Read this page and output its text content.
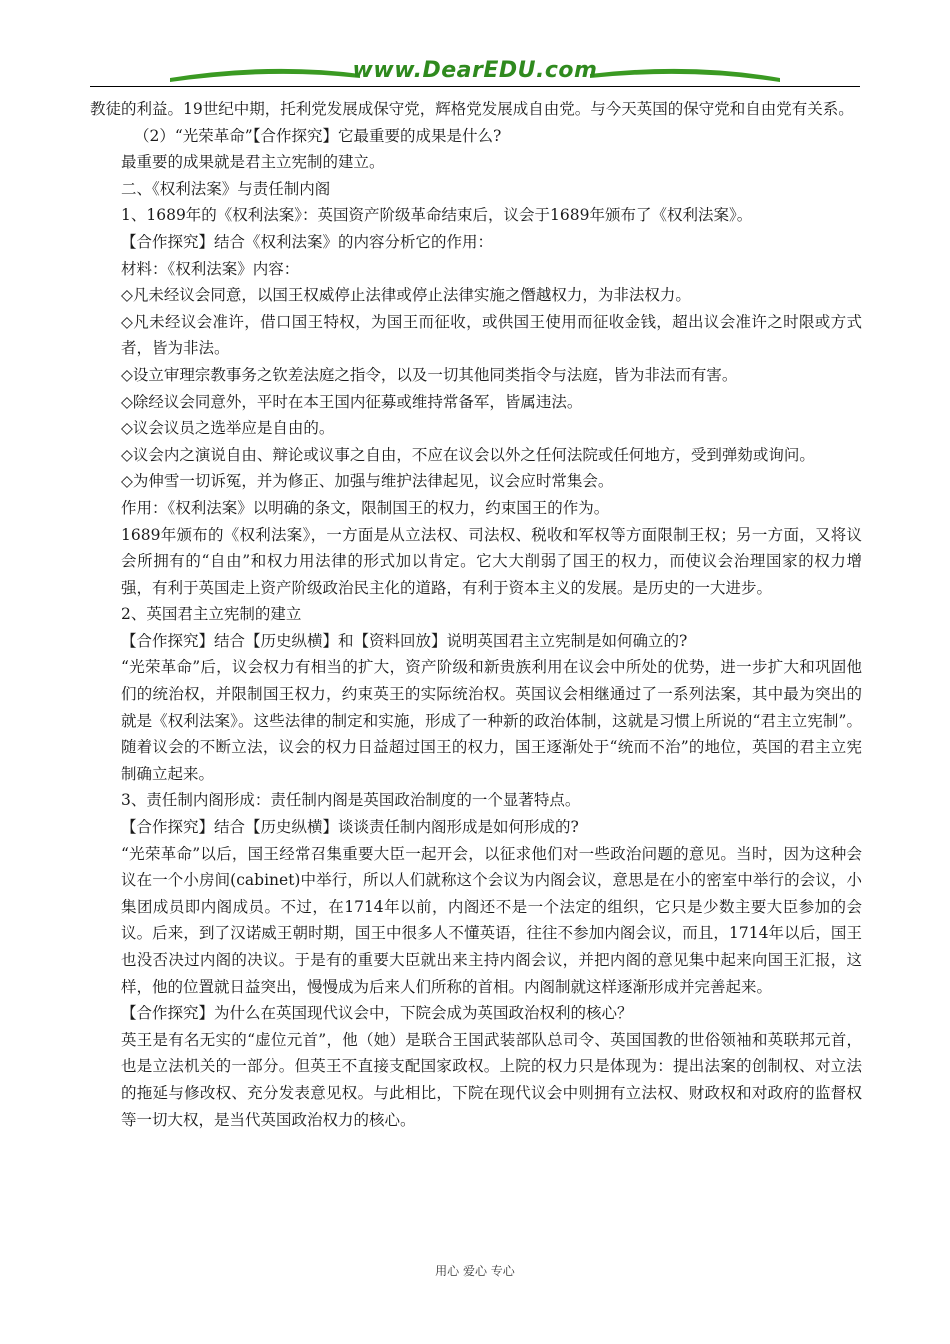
www.DearEDU.com

教徒的利益。19世纪中期，托利党发展成保守党，辉格党发展成自由党。与今天英国的保守党和自由党有关系。

（2）“光荣革命”【合作探究】它最重要的成果是什么?

最重要的成果就是君主立宪制的建立。

二、《权利法案》与责任制内阁

1、1689年的《权利法案》：英国资产阶级革命结束后，议会于1689年颁布了《权利法案》。

【合作探究】结合《权利法案》的内容分析它的作用：

材料：《权利法案》内容：

◇凡未经议会同意，以国王权威停止法律或停止法律实施之僭越权力，为非法权力。

◇凡未经议会准许，借口国王特权，为国王而征收，或供国王使用而征收金钱，超出议会准许之时限或方式者，皆为非法。

◇设立审理宗教事务之钦差法庭之指令，以及一切其他同类指令与法庭，皆为非法而有害。

◇除经议会同意外，平时在本王国内征募或维持常备军，皆属违法。

◇议会议员之选举应是自由的。

◇议会内之演说自由、辩论或议事之自由，不应在议会以外之任何法院或任何地方，受到弹劾或询问。

◇为伸雪一切诉冤，并为修正、加强与维护法律起见，议会应时常集会。

作用：《权利法案》以明确的条文，限制国王的权力，约束国王的作为。

1689年颁布的《权利法案》，一方面是从立法权、司法权、税收和军权等方面限制王权；另一方面，又将议会所拥有的“自由”和权力用法律的形式加以肯定。它大大削弱了国王的权力，而使议会治理国家的权力增强，有利于英国走上资产阶级政治民主化的道路，有利于资本主义的发展。是历史的一大进步。

2、英国君主立宪制的建立

【合作探究】结合【历史纵横】和【资料回放】说明英国君主立宪制是如何确立的?

“光荣革命”后，议会权力有相当的扩大，资产阶级和新贵族利用在议会中所处的优势，进一步扩大和巩固他们的统治权，并限制国王权力，约束英王的实际统治权。英国议会相继通过了一系列法案，其中最为突出的就是《权利法案》。这些法律的制定和实施，形成了一种新的政治体制，这就是习惯上所说的“君主立宪制”。随着议会的不断立法，议会的权力日益超过国王的权力，国王逐渐处于“统而不治”的地位，英国的君主立宪制确立起来。

3、责任制内阁形成：责任制内阁是英国政治制度的一个显著特点。

【合作探究】结合【历史纵横】谈谈责任制内阁形成是如何形成的?

“光荣革命”以后，国王经常召集重要大臣一起开会，以征求他们对一些政治问题的意见。当时，因为这种会议在一个小房间(cabinet)中举行，所以人们就称这个会议为内阁会议，意思是在小的密室中举行的会议，小集团成员即内阁成员。不过，在1714年以前，内阁还不是一个法定的组织，它只是少数主要大臣参加的会议。后来，到了汉诺威王朝时期，国王中很多人不懂英语，往往不参加内阁会议，而且，1714年以后，国王也没否决过内阁的决议。于是有的重要大臣就出来主持内阁会议，并把内阁的意见集中起来向国王汇报，这样，他的位置就日益突出，慢慢成为后来人们所称的首相。内阁制就这样逐渐形成并完善起来。

【合作探究】为什么在英国现代议会中，下院会成为英国政治权利的核心？

英王是有名无实的“虚位元首”，他（她）是联合王国武装部队总司令、英国国教的世俗领袖和英联邦元首，也是立法机关的一部分。但英王不直接支配国家政权。上院的权力只是体现为：提出法案的创制权、对立法的拖延与修改权、充分发表意见权。与此相比，下院在现代议会中则拥有立法权、财政权和对政府的监督权等一切大权，是当代英国政治权力的核心。

用心 爱心 专心
